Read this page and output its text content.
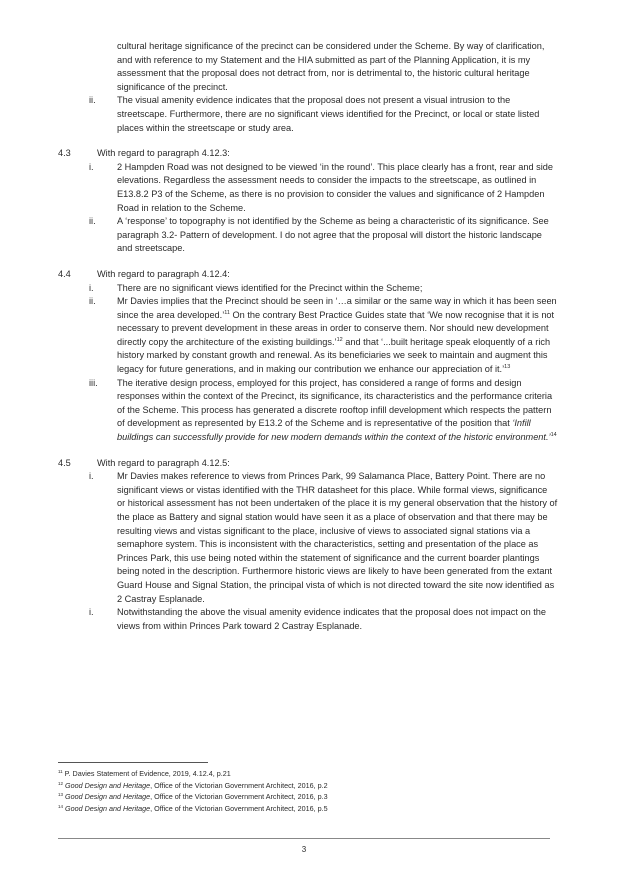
cultural heritage significance of the precinct can be considered under the Scheme. By way of clarification, and with reference to my Statement and the HIA submitted as part of the Planning Application, it is my assessment that the proposal does not detract from, nor is detrimental to, the historic cultural heritage significance of the precinct.

ii.	The visual amenity evidence indicates that the proposal does not present a visual intrusion to the streetscape. Furthermore, there are no significant views identified for the Precinct, or local or state listed places within the streetscape or study area.
4.3	With regard to paragraph 4.12.3:
i.	2 Hampden Road was not designed to be viewed ‘in the round’. This place clearly has a front, rear and side elevations. Regardless the assessment needs to consider the impacts to the streetscape, as outlined in E13.8.2 P3 of the Scheme, as there is no provision to consider the values and significance of 2 Hampden Road in relation to the Scheme.
ii.	A ‘response’ to topography is not identified by the Scheme as being a characteristic of its significance. See paragraph 3.2- Pattern of development. I do not agree that the proposal will distort the historic landscape and streetscape.
4.4	With regard to paragraph 4.12.4:
i.	There are no significant views identified for the Precinct within the Scheme;
ii.	Mr Davies implies that the Precinct should be seen in ‘…a similar or the same way in which it has been seen since the area developed.’$^{11}$ On the contrary Best Practice Guides state that ‘We now recognise that it is not necessary to prevent development in these areas in order to conserve them. Nor should new development directly copy the architecture of the existing buildings.’$^{12}$ and that ‘...built heritage speak eloquently of a rich history marked by constant growth and renewal. As its beneficiaries we seek to maintain and augment this legacy for future generations, and in making our contribution we enhance our appreciation of it.’$^{13}$
iii.	The iterative design process, employed for this project, has considered a range of forms and design responses within the context of the Precinct, its significance, its characteristics and the performance criteria of the Scheme. This process has generated a discrete rooftop infill development which respects the pattern of development as represented by E13.2 of the Scheme and is representative of the position that ‘Infill buildings can successfully provide for new modern demands within the context of the historic environment.’$^{14}$
4.5	With regard to paragraph 4.12.5:
i.	Mr Davies makes reference to views from Princes Park, 99 Salamanca Place, Battery Point. There are no significant views or vistas identified with the THR datasheet for this place. While formal views, significance or historical assessment has not been undertaken of the place it is my general observation that the history of the place as Battery and signal station would have seen it as a place of observation and that there may be resulting views and vistas significant to the place, inclusive of views to associated signal stations via a semaphore system. This is inconsistent with the characteristics, setting and presentation of the place as Princes Park, this use being noted within the statement of significance and the current boarder plantings being noted in the description. Furthermore historic views are likely to have been generated from the extant Guard House and Signal Station, the principal vista of which is not directed toward the site now identified as 2 Castray Esplanade.
i.	Notwithstanding the above the visual amenity evidence indicates that the proposal does not impact on the views from within Princes Park toward 2 Castray Esplanade.
$^{11}$ P. Davies Statement of Evidence, 2019, 4.12.4, p.21
$^{12}$ Good Design and Heritage, Office of the Victorian Government Architect, 2016, p.2
$^{13}$ Good Design and Heritage, Office of the Victorian Government Architect, 2016, p.3
$^{14}$ Good Design and Heritage, Office of the Victorian Government Architect, 2016, p.5
3
